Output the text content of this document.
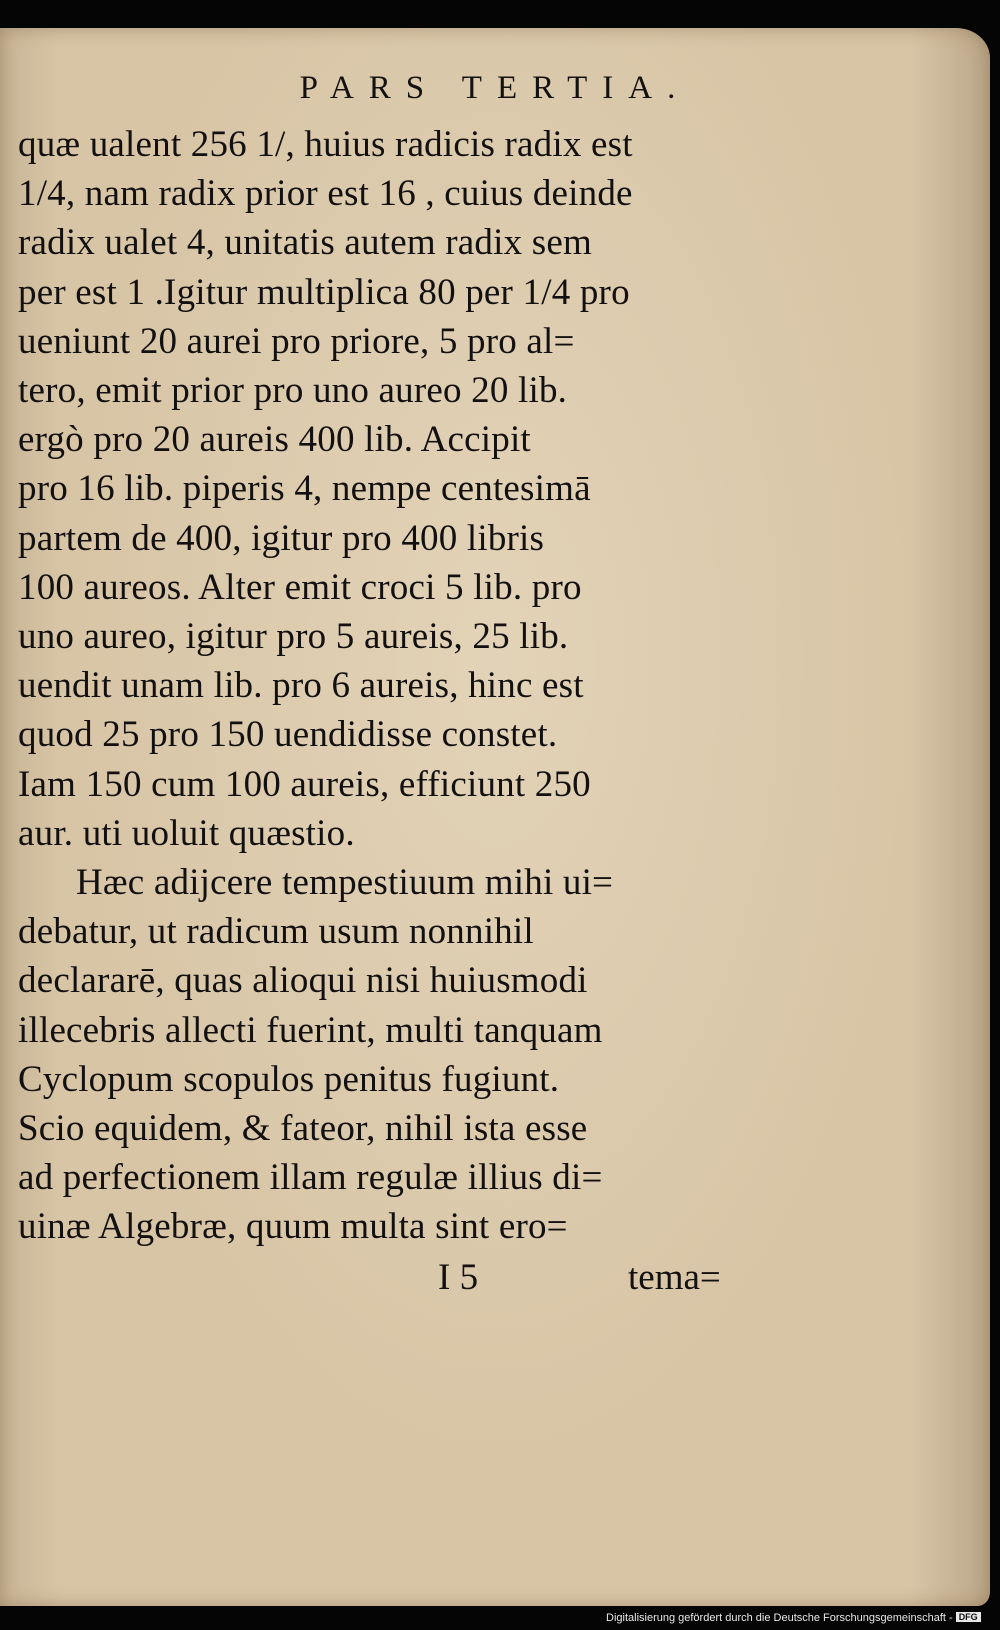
PARS TERTIA.
quæ ualent 256 1/, huius radicis radix est
1/4, nam radix prior est 16 , cuius deinde
radix ualet 4, unitatis autem radix sem
per est 1 .Igitur multiplica 80 per 1/4 pro
ueniunt 20 aurei pro priore, 5 pro al=
tero, emit prior pro uno aureo 20 lib.
ergò pro 20 aureis 400 lib. Accipit
pro 16 lib. piperis 4, nempe centesimā
partem de 400, igitur pro 400 libris
100 aureos. Alter emit croci 5 lib. pro
uno aureo, igitur pro 5 aureis, 25 lib.
uendit unam lib. pro 6 aureis, hinc est
quod 25 pro 150 uendidisse constet.
Iam 150 cum 100 aureis, efficiunt 250
aur. uti uoluit quæstio.
Hæc adijcere tempestiuum mihi ui=
debatur, ut radicum usum nonnihil
declararē, quas alioqui nisi huiusmodi
illecebris allecti fuerint, multi tanquam
Cyclopum scopulos penitus fugiunt.
Scio equidem, & fateor, nihil ista esse
ad perfectionem illam regulæ illius di=
uinæ Algebræ, quum multa sint ero=
I 5	tema=
Digitalisierung gefördert durch die Deutsche Forschungsgemeinschaft - DFG
